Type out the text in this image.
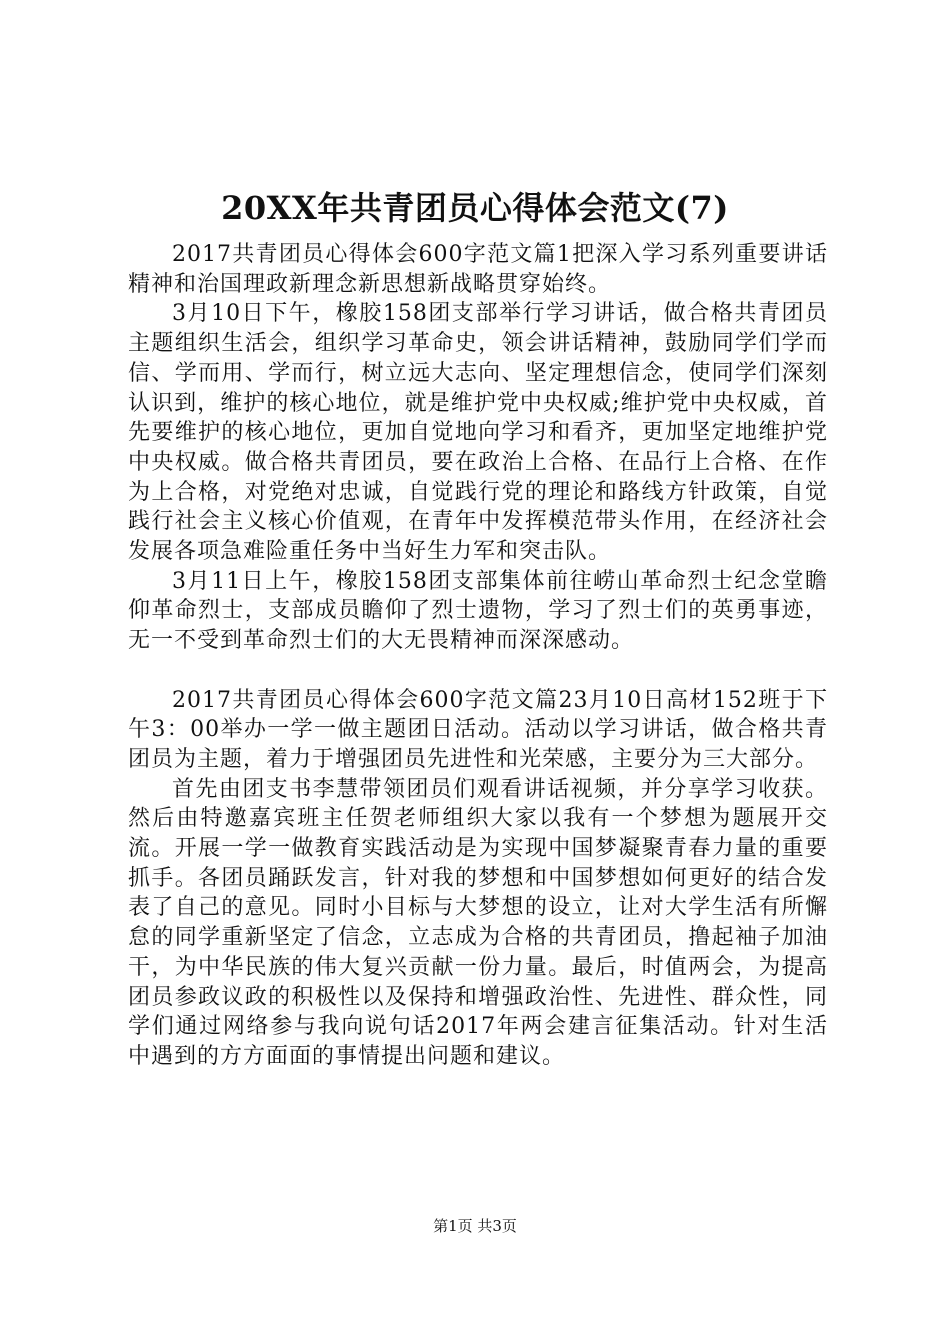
20XX年共青团员心得体会范文(7)

2017共青团员心得体会600字范文篇1把深入学习系列重要讲话精神和治国理政新理念新思想新战略贯穿始终。

3月10日下午，橡胶158团支部举行学习讲话，做合格共青团员主题组织生活会，组织学习革命史，领会讲话精神，鼓励同学们学而信、学而用、学而行，树立远大志向、坚定理想信念，使同学们深刻认识到，维护的核心地位，就是维护党中央权威;维护党中央权威，首先要维护的核心地位，更加自觉地向学习和看齐，更加坚定地维护党中央权威。做合格共青团员，要在政治上合格、在品行上合格、在作为上合格，对党绝对忠诚，自觉践行党的理论和路线方针政策，自觉践行社会主义核心价值观，在青年中发挥模范带头作用，在经济社会发展各项急难险重任务中当好生力军和突击队。

3月11日上午，橡胶158团支部集体前往崂山革命烈士纪念堂瞻仰革命烈士，支部成员瞻仰了烈士遗物，学习了烈士们的英勇事迹，无一不受到革命烈士们的大无畏精神而深深感动。

2017共青团员心得体会600字范文篇23月10日高材152班于下午3：00举办一学一做主题团日活动。活动以学习讲话，做合格共青团员为主题，着力于增强团员先进性和光荣感，主要分为三大部分。

首先由团支书李慧带领团员们观看讲话视频，并分享学习收获。然后由特邀嘉宾班主任贺老师组织大家以我有一个梦想为题展开交流。开展一学一做教育实践活动是为实现中国梦凝聚青春力量的重要抓手。各团员踊跃发言，针对我的梦想和中国梦想如何更好的结合发表了自己的意见。同时小目标与大梦想的设立，让对大学生活有所懈怠的同学重新坚定了信念，立志成为合格的共青团员，撸起袖子加油干，为中华民族的伟大复兴贡献一份力量。最后，时值两会，为提高团员参政议政的积极性以及保持和增强政治性、先进性、群众性，同学们通过网络参与我向说句话2017年两会建言征集活动。针对生活中遇到的方方面面的事情提出问题和建议。

第1页 共3页
